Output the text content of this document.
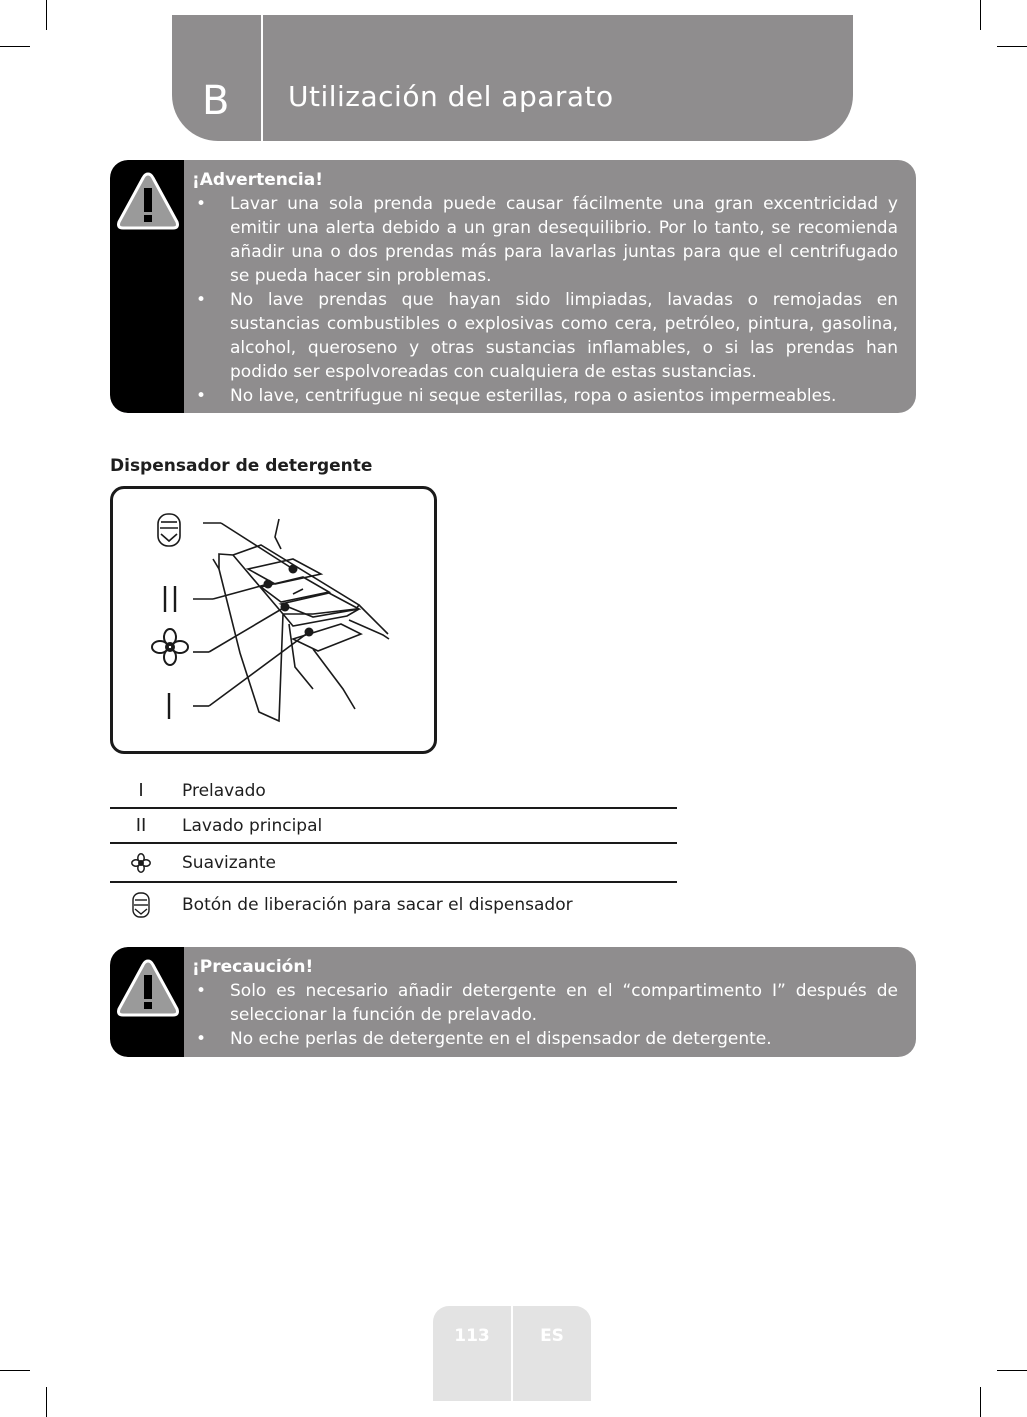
B Utilización del aparato

¡Advertencia!

• Lavar una sola prenda puede causar fácilmente una gran excentricidad y emitir una alerta debido a un gran desequilibrio. Por lo tanto, se recomienda añadir una o dos prendas más para lavarlas juntas para que el centrifugado se pueda hacer sin problemas.
• No lave prendas que hayan sido limpiadas, lavadas o remojadas en sustancias combustibles o explosivas como cera, petróleo, pintura, gasolina, alcohol, queroseno y otras sustancias inflamables, o si las prendas han podido ser espolvoreadas con cualquiera de estas sustancias.
• No lave, centrifugue ni seque esterillas, ropa o asientos impermeables.
Dispensador de detergente
I	Prelavado
II	Lavado principal
Suavizante
Botón de liberación para sacar el dispensador

¡Precaución!

• Solo es necesario añadir detergente en el “compartimento I” después de seleccionar la función de prelavado.
• No eche perlas de detergente en el dispensador de detergente.
113	ES
